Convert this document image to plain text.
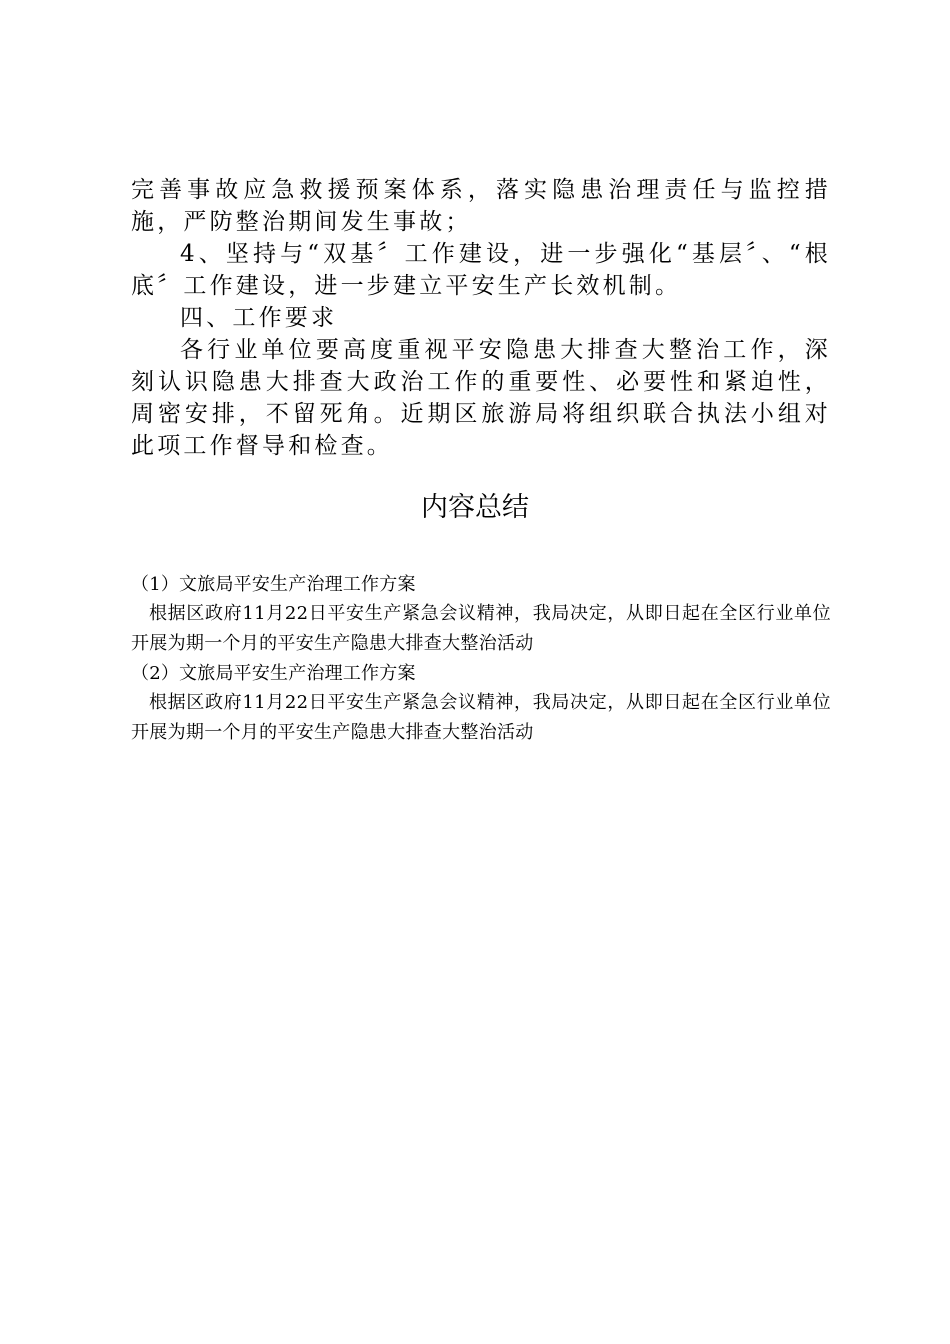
完善事故应急救援预案体系，落实隐患治理责任与监控措施，严防整治期间发生事故；

4、坚持与“双基〞工作建设，进一步强化“基层〞、“根底〞工作建设，进一步建立平安生产长效机制。

四、工作要求

各行业单位要高度重视平安隐患大排查大整治工作，深刻认识隐患大排查大政治工作的重要性、必要性和紧迫性，周密安排，不留死角。近期区旅游局将组织联合执法小组对此项工作督导和检查。

内容总结

（1）文旅局平安生产治理工作方案

根据区政府11月22日平安生产紧急会议精神，我局决定，从即日起在全区行业单位开展为期一个月的平安生产隐患大排查大整治活动

（2）文旅局平安生产治理工作方案

根据区政府11月22日平安生产紧急会议精神，我局决定，从即日起在全区行业单位开展为期一个月的平安生产隐患大排查大整治活动
